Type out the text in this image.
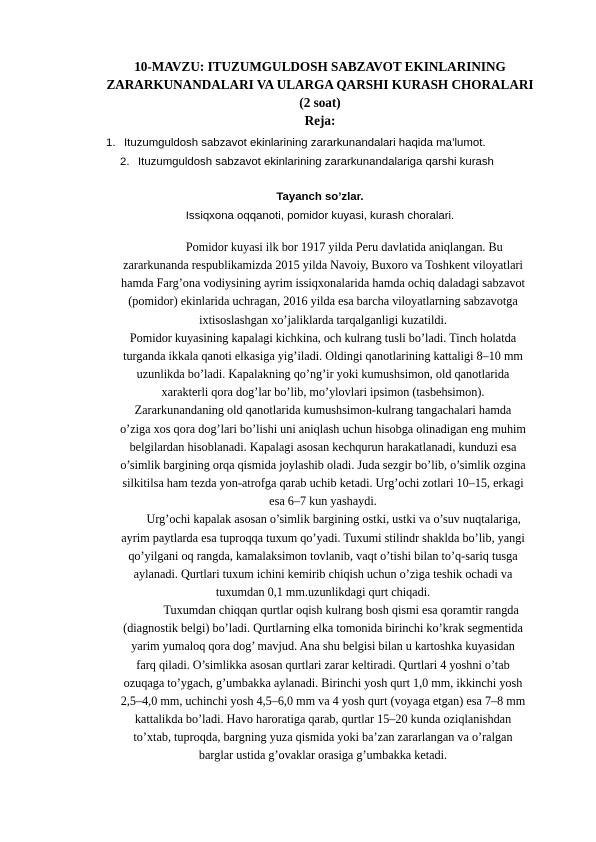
10-MAVZU: ITUZUMGULDOSH SABZAVOT EKINLARINING
ZARARKUNANDALARI VA ULARGA QARSHI KURASH CHORALARI
(2 soat)
Reja:
1. Ituzumguldosh sabzavot ekinlarining zararkunandalari haqida ma’lumot.
2. Ituzumguldosh sabzavot ekinlarining zararkunandalariga qarshi kurash
Tayanch so’zlar.
Issiqxona oqqanoti, pomidor kuyasi, kurash choralari.

Pomidor kuyasi ilk bor 1917 yilda Peru davlatida aniqlangan. Bu
zararkunanda respublikamizda 2015 yilda Navoiy, Buxoro va Toshkent viloyatlari
hamda Farg’ona vodiysining ayrim issiqxonalarida hamda ochiq daladagi sabzavot
(pomidor) ekinlarida uchragan, 2016 yilda esa barcha viloyatlarning sabzavotga
ixtisoslashgan xo’jaliklarda tarqalganligi kuzatildi.
Pomidor kuyasining kapalagi kichkina, och kulrang tusli bo’ladi. Tinch holatda
turganda ikkala qanoti elkasiga yig’iladi. Oldingi qanotlarining kattaligi 8–10 mm
uzunlikda bo’ladi. Kapalakning qo’ng’ir yoki kumushsimon, old qanotlarida
xarakterli qora dog’lar bo’lib, mo’ylovlari ipsimon (tasbehsimon).
Zararkunandaning old qanotlarida kumushsimon-kulrang tangachalari hamda
o’ziga xos qora dog’lari bo’lishi uni aniqlash uchun hisobga olinadigan eng muhim
belgilardan hisoblanadi. Kapalagi asosan kechqurun harakatlanadi, kunduzi esa
o’simlik bargining orqa qismida joylashib oladi. Juda sezgir bo’lib, o’simlik ozgina
silkitilsa ham tezda yon-atrofga qarab uchib ketadi. Urg’ochi zotlari 10–15, erkagi
esa 6–7 kun yashaydi.

Urg’ochi kapalak asosan o’simlik bargining ostki, ustki va o’suv nuqtalariga,
ayrim paytlarda esa tuproqqa tuxum qo’yadi. Tuxumi stilindr shaklda bo’lib, yangi
qo’yilgani oq rangda, kamalaksimon tovlanib, vaqt o’tishi bilan to’q-sariq tusga
aylanadi. Qurtlari tuxum ichini kemirib chiqish uchun o’ziga teshik ochadi va
tuxumdan 0,1 mm.uzunlikdagi qurt chiqadi.

Tuxumdan chiqqan qurtlar oqish kulrang bosh qismi esa qoramtir rangda
(diagnostik belgi) bo’ladi. Qurtlarning elka tomonida birinchi ko’krak segmentida
yarim yumaloq qora dog’ mavjud. Ana shu belgisi bilan u kartoshka kuyasidan
farq qiladi. O’simlikka asosan qurtlari zarar keltiradi. Qurtlari 4 yoshni o’tab
ozuqaga to’ygach, g’umbakka aylanadi. Birinchi yosh qurt 1,0 mm, ikkinchi yosh
2,5–4,0 mm, uchinchi yosh 4,5–6,0 mm va 4 yosh qurt (voyaga etgan) esa 7–8 mm
kattalikda bo’ladi. Havo haroratiga qarab, qurtlar 15–20 kunda oziqlanishdan
to’xtab, tuproqda, bargning yuza qismida yoki ba’zan zararlangan va o’ralgan
barglar ustida g’ovaklar orasiga g’umbakka ketadi.
